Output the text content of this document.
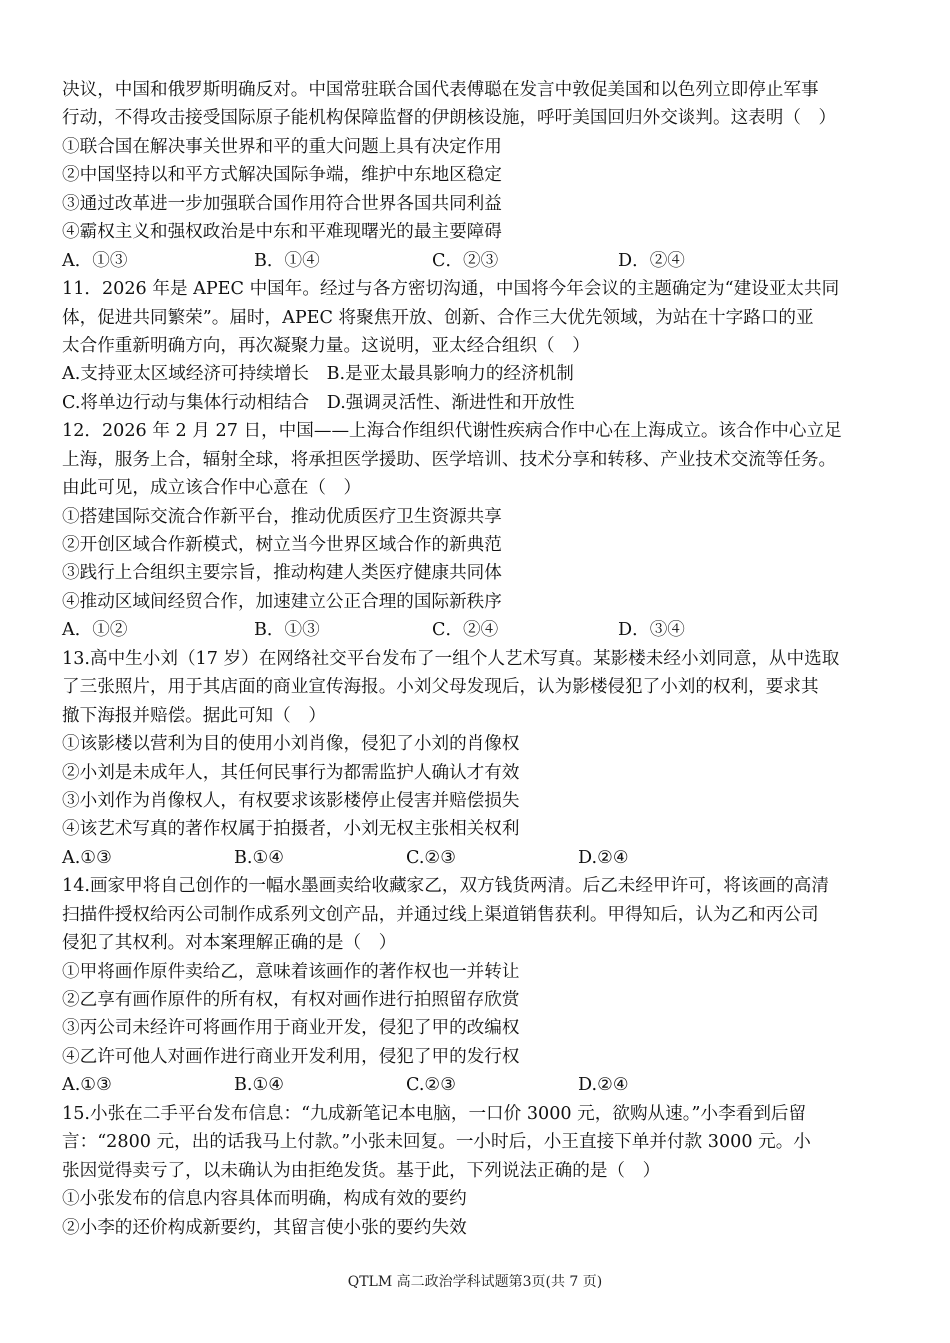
决议，中国和俄罗斯明确反对。中国常驻联合国代表傅聪在发言中敦促美国和以色列立即停止军事
行动，不得攻击接受国际原子能机构保障监督的伊朗核设施，呼吁美国回归外交谈判。这表明（　）
①联合国在解决事关世界和平的重大问题上具有决定作用
②中国坚持以和平方式解决国际争端，维护中东地区稳定
③通过改革进一步加强联合国作用符合世界各国共同利益
④霸权主义和强权政治是中东和平难现曙光的最主要障碍
A．①③	B．①④	C．②③	D．②④
11．2026 年是 APEC 中国年。经过与各方密切沟通，中国将今年会议的主题确定为“建设亚太共同
体，促进共同繁荣”。届时，APEC 将聚焦开放、创新、合作三大优先领域，为站在十字路口的亚
太合作重新明确方向，再次凝聚力量。这说明，亚太经合组织（　）
A.支持亚太区域经济可持续增长　B.是亚太最具影响力的经济机制
C.将单边行动与集体行动相结合　D.强调灵活性、渐进性和开放性
12．2026 年 2 月 27 日，中国——上海合作组织代谢性疾病合作中心在上海成立。该合作中心立足
上海，服务上合，辐射全球，将承担医学援助、医学培训、技术分享和转移、产业技术交流等任务。
由此可见，成立该合作中心意在（　）
①搭建国际交流合作新平台，推动优质医疗卫生资源共享
②开创区域合作新模式，树立当今世界区域合作的新典范
③践行上合组织主要宗旨，推动构建人类医疗健康共同体
④推动区域间经贸合作，加速建立公正合理的国际新秩序
A．①②	B．①③	C．②④	D．③④
13.高中生小刘（17 岁）在网络社交平台发布了一组个人艺术写真。某影楼未经小刘同意，从中选取
了三张照片，用于其店面的商业宣传海报。小刘父母发现后，认为影楼侵犯了小刘的权利，要求其
撤下海报并赔偿。据此可知（　）
①该影楼以营利为目的使用小刘肖像，侵犯了小刘的肖像权
②小刘是未成年人，其任何民事行为都需监护人确认才有效
③小刘作为肖像权人，有权要求该影楼停止侵害并赔偿损失
④该艺术写真的著作权属于拍摄者，小刘无权主张相关权利
A.①③	B.①④	C.②③	D.②④
14.画家甲将自己创作的一幅水墨画卖给收藏家乙，双方钱货两清。后乙未经甲许可，将该画的高清
扫描件授权给丙公司制作成系列文创产品，并通过线上渠道销售获利。甲得知后，认为乙和丙公司
侵犯了其权利。对本案理解正确的是（　）
①甲将画作原件卖给乙，意味着该画作的著作权也一并转让
②乙享有画作原件的所有权，有权对画作进行拍照留存欣赏
③丙公司未经许可将画作用于商业开发，侵犯了甲的改编权
④乙许可他人对画作进行商业开发利用，侵犯了甲的发行权
A.①③	B.①④	C.②③	D.②④
15.小张在二手平台发布信息：“九成新笔记本电脑，一口价 3000 元，欲购从速。”小李看到后留
言：“2800 元，出的话我马上付款。”小张未回复。一小时后，小王直接下单并付款 3000 元。小
张因觉得卖亏了，以未确认为由拒绝发货。基于此，下列说法正确的是（　）
①小张发布的信息内容具体而明确，构成有效的要约
②小李的还价构成新要约，其留言使小张的要约失效
QTLM 高二政治学科试题第3页(共 7 页)
